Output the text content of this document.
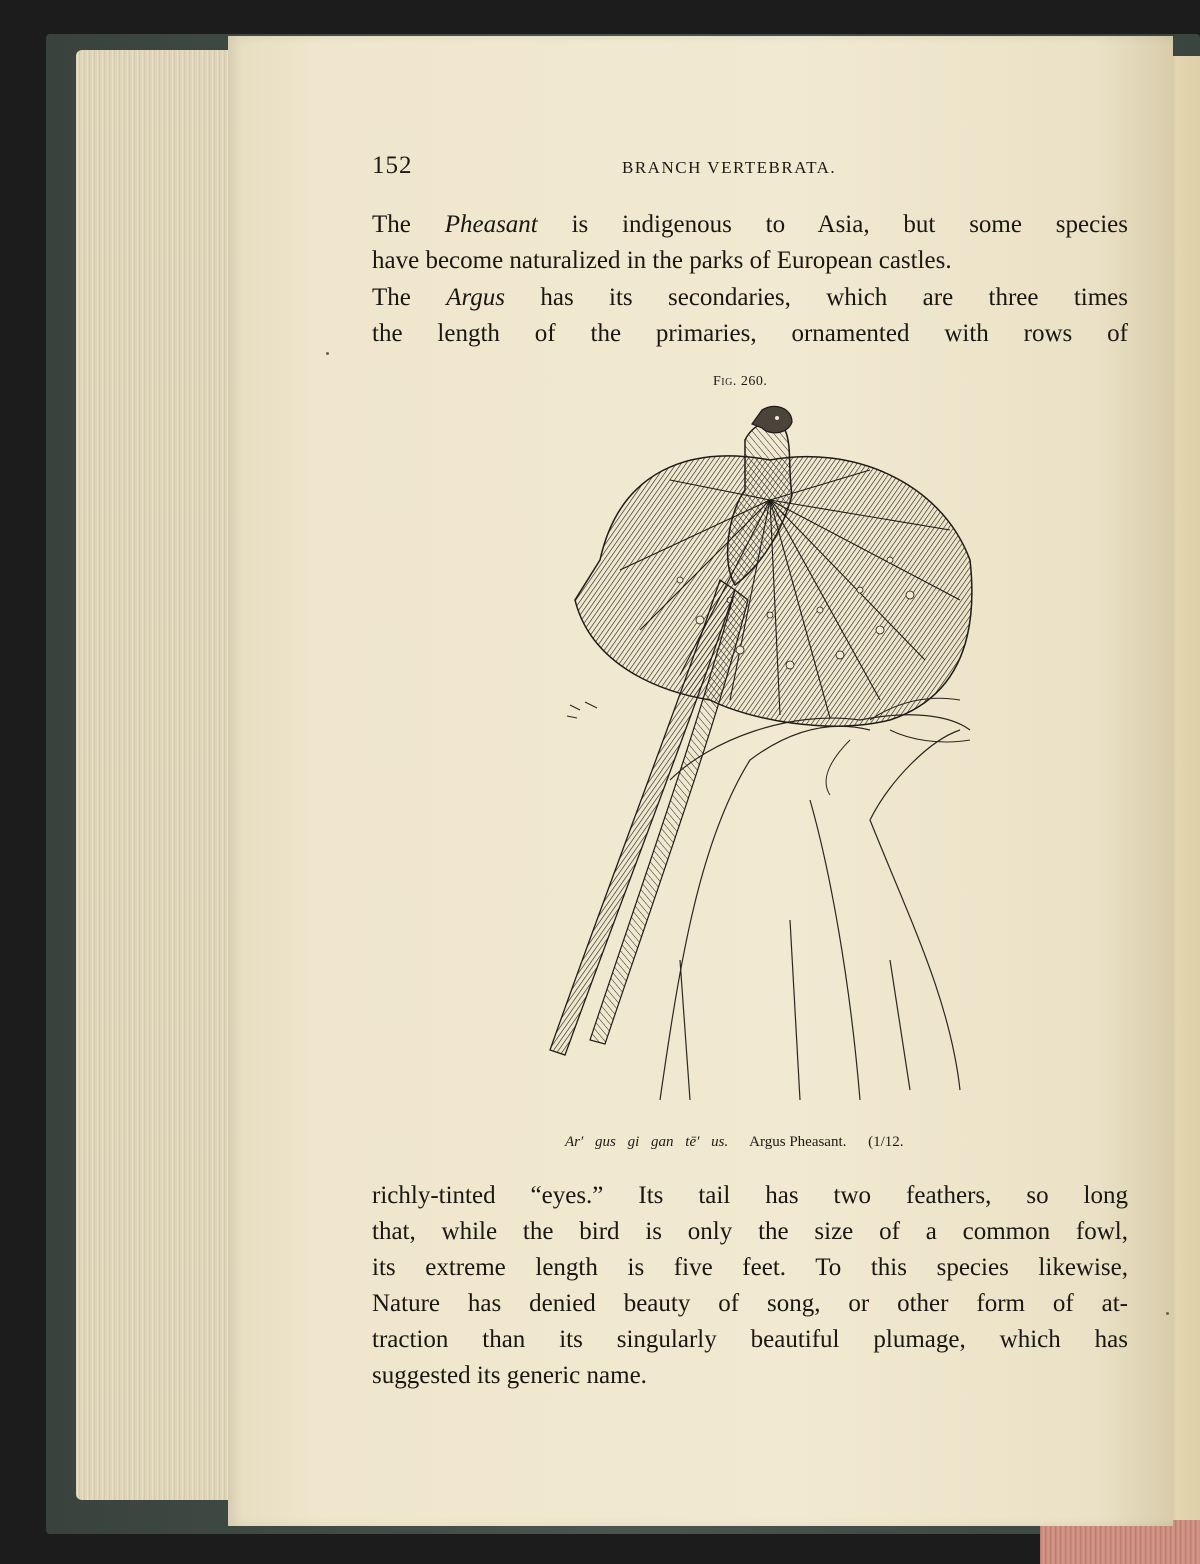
152	BRANCH VERTEBRATA.

The Pheasant is indigenous to Asia, but some species
have become naturalized in the parks of European castles.

The Argus has its secondaries, which are three times
the length of the primaries, ornamented with rows of

Fig. 260.
Ar′ gus gi gan tē′ us. Argus Pheasant. (1/12.

richly-tinted “eyes.” Its tail has two feathers, so long
that, while the bird is only the size of a common fowl,
its extreme length is five feet. To this species likewise,
Nature has denied beauty of song, or other form of at-
traction than its singularly beautiful plumage, which has
suggested its generic name.
